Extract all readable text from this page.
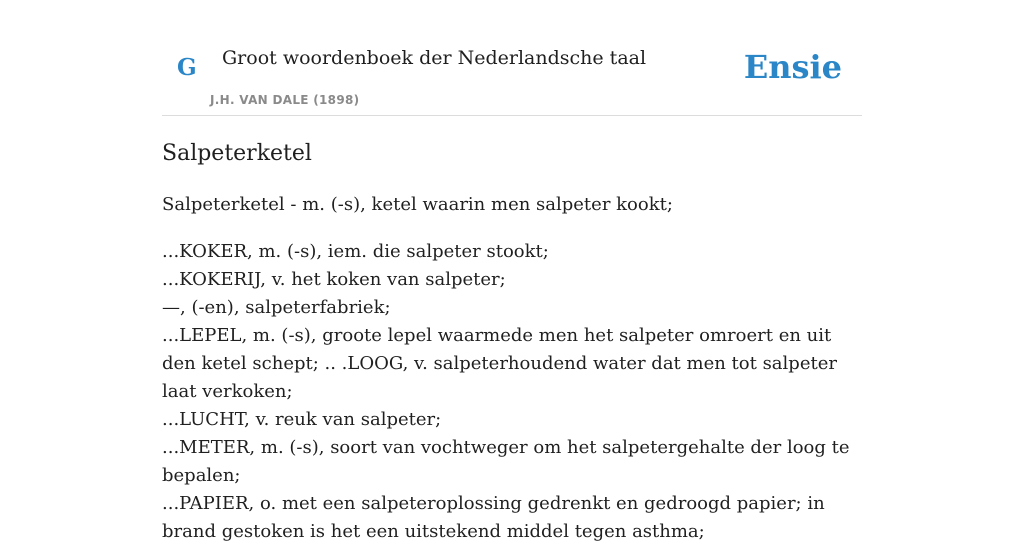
G Groot woordenboek der Nederlandsche taal
J.H. VAN DALE (1898)
Ensie
Salpeterketel

Salpeterketel - m. (-s), ketel waarin men salpeter kookt;

...KOKER, m. (-s), iem. die salpeter stookt;
...KOKERIJ, v. het koken van salpeter;
—, (-en), salpeterfabriek;
...LEPEL, m. (-s), groote lepel waarmede men het salpeter omroert en uit den ketel schept; .. .LOOG, v. salpeterhoudend water dat men tot salpeter laat verkoken;
...LUCHT, v. reuk van salpeter;
...METER, m. (-s), soort van vochtweger om het salpetergehalte der loog te bepalen;
...PAPIER, o. met een salpeteroplossing gedrenkt en gedroogd papier; in brand gestoken is het een uitstekend middel tegen asthma;
